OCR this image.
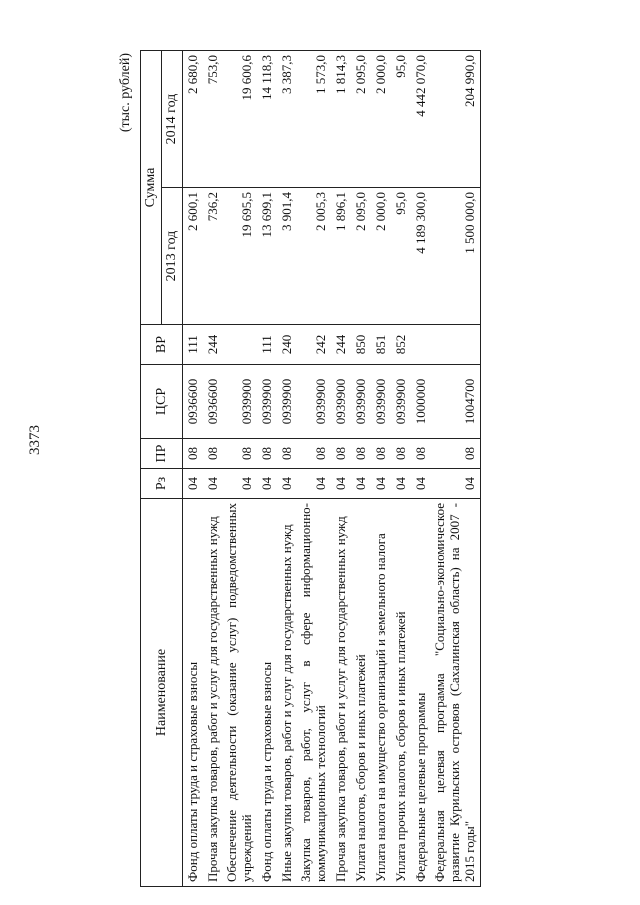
3373
(тыс. рублей)
Наименование	Рз	ПР	ЦСР	ВР	Сумма	
					2013 год	2014 год
Фонд оплаты труда и страховые взносы	04	08	0936600	111	2 600,1	2 680,0
Прочая закупка товаров, работ и услуг для государственных нужд	04	08	0936600	244	736,2	753,0
Обеспечение деятельности (оказание услуг) подведомственных учреждений	04	08	0939900		19 695,5	19 600,6
Фонд оплаты труда и страховые взносы	04	08	0939900	111	13 699,1	14 118,3
Иные закупки товаров, работ и услуг для государственных нужд	04	08	0939900	240	3 901,4	3 387,3
Закупка товаров, работ, услуг в сфере информационно-коммуникационных технологий	04	08	0939900	242	2 005,3	1 573,0
Прочая закупка товаров, работ и услуг для государственных нужд	04	08	0939900	244	1 896,1	1 814,3
Уплата налогов, сборов и иных платежей	04	08	0939900	850	2 095,0	2 095,0
Уплата налога на имущество организаций и земельного налога	04	08	0939900	851	2 000,0	2 000,0
Уплата прочих налогов, сборов и иных платежей	04	08	0939900	852	95,0	95,0
Федеральные целевые программы	04	08	1000000		4 189 300,0	4 442 070,0
Федеральная целевая программа "Социально-экономическое развитие Курильских островов (Сахалинская область) на 2007 - 2015 годы"	04	08	1004700		1 500 000,0	204 990,0
